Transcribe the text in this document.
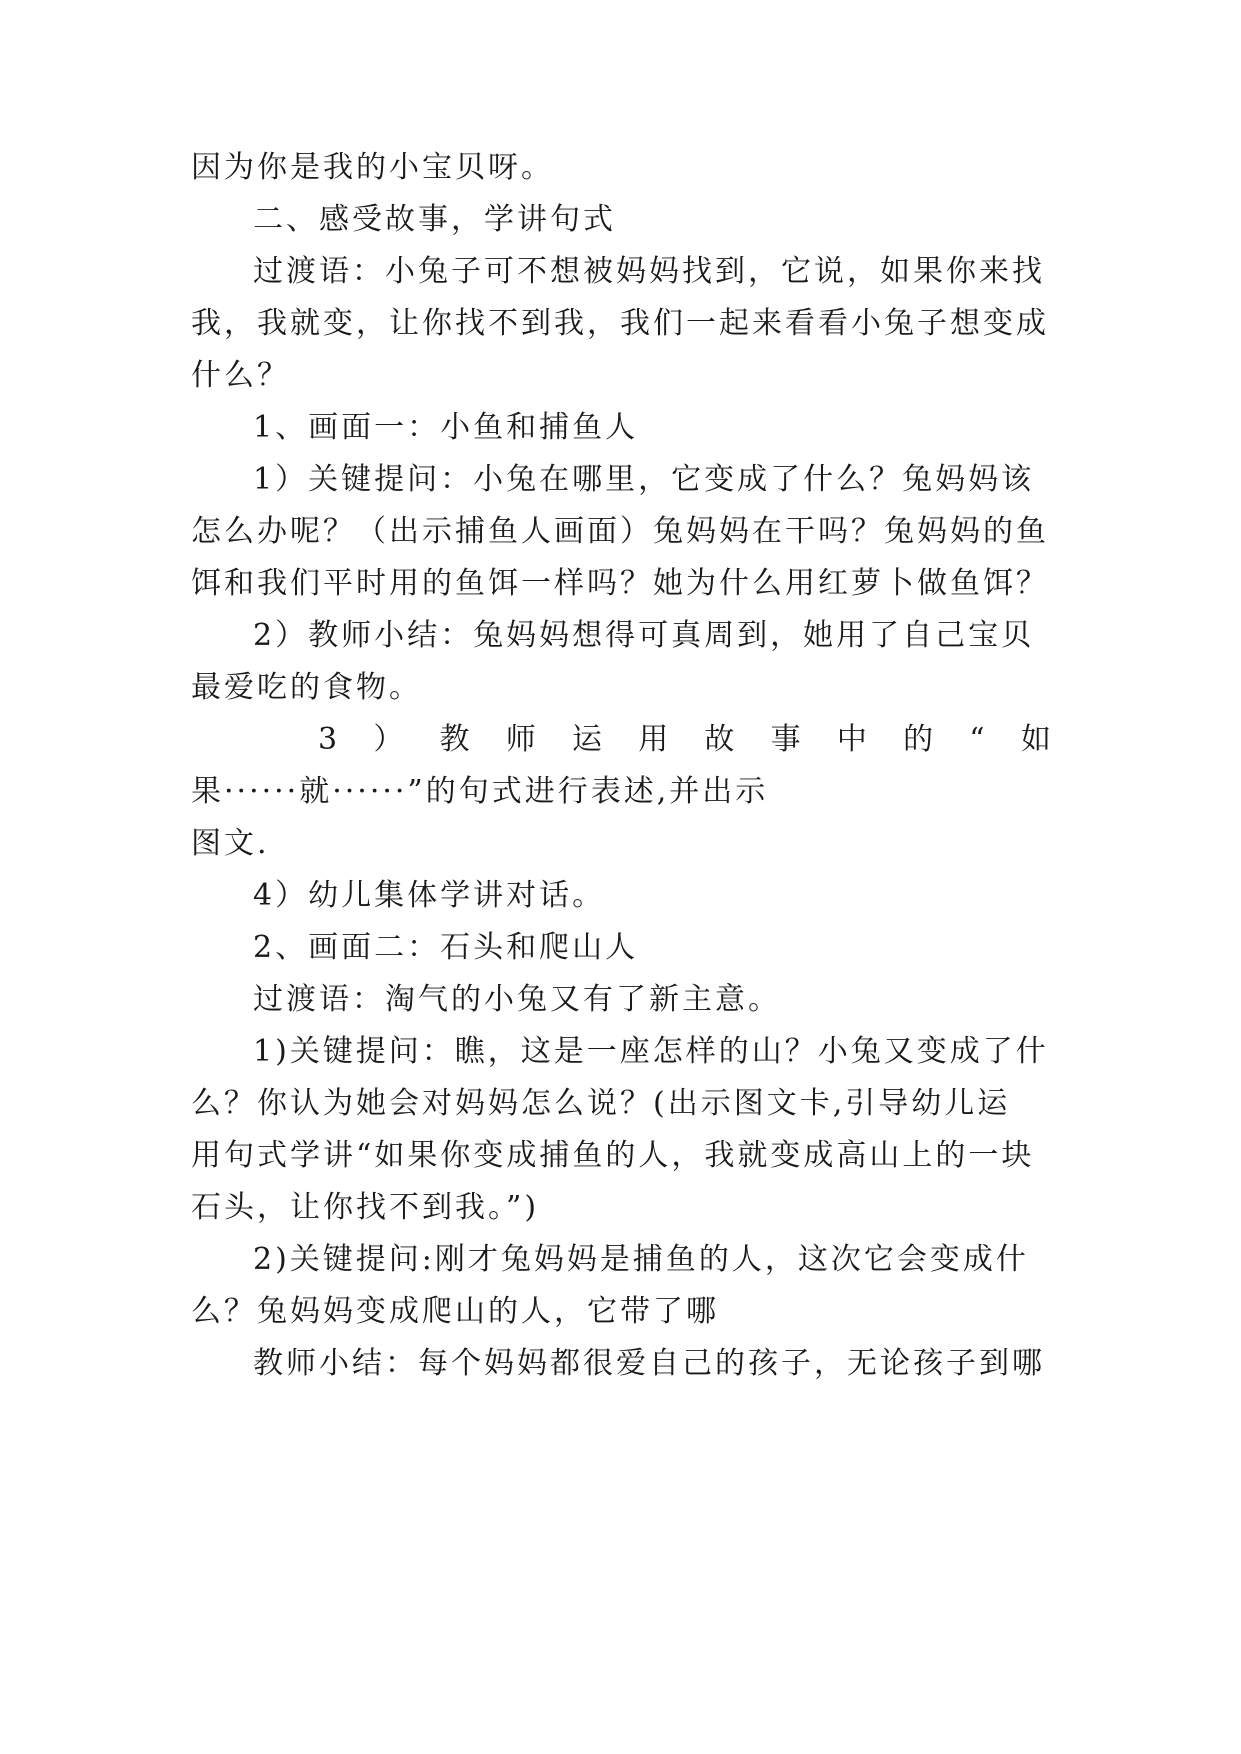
因为你是我的小宝贝呀。
二、感受故事，学讲句式
过渡语：小兔子可不想被妈妈找到，它说，如果你来找
我，我就变，让你找不到我，我们一起来看看小兔子想变成
什么？
1、画面一：小鱼和捕鱼人
1）关键提问：小兔在哪里，它变成了什么？兔妈妈该
怎么办呢？（出示捕鱼人画面）兔妈妈在干吗？兔妈妈的鱼
饵和我们平时用的鱼饵一样吗？她为什么用红萝卜做鱼饵？
2）教师小结：兔妈妈想得可真周到，她用了自己宝贝
最爱吃的食物。
3 ） 教 师 运 用 故 事 中 的 “ 如
果······就······”的句式进行表述,并出示
图文.
4）幼儿集体学讲对话。
2、画面二：石头和爬山人
过渡语：淘气的小兔又有了新主意。
1)关键提问：瞧，这是一座怎样的山？小兔又变成了什
么？你认为她会对妈妈怎么说？(出示图文卡,引导幼儿运
用句式学讲“如果你变成捕鱼的人，我就变成高山上的一块
石头，让你找不到我。”)
2)关键提问:刚才兔妈妈是捕鱼的人，这次它会变成什
么？兔妈妈变成爬山的人，它带了哪
教师小结：每个妈妈都很爱自己的孩子，无论孩子到哪
